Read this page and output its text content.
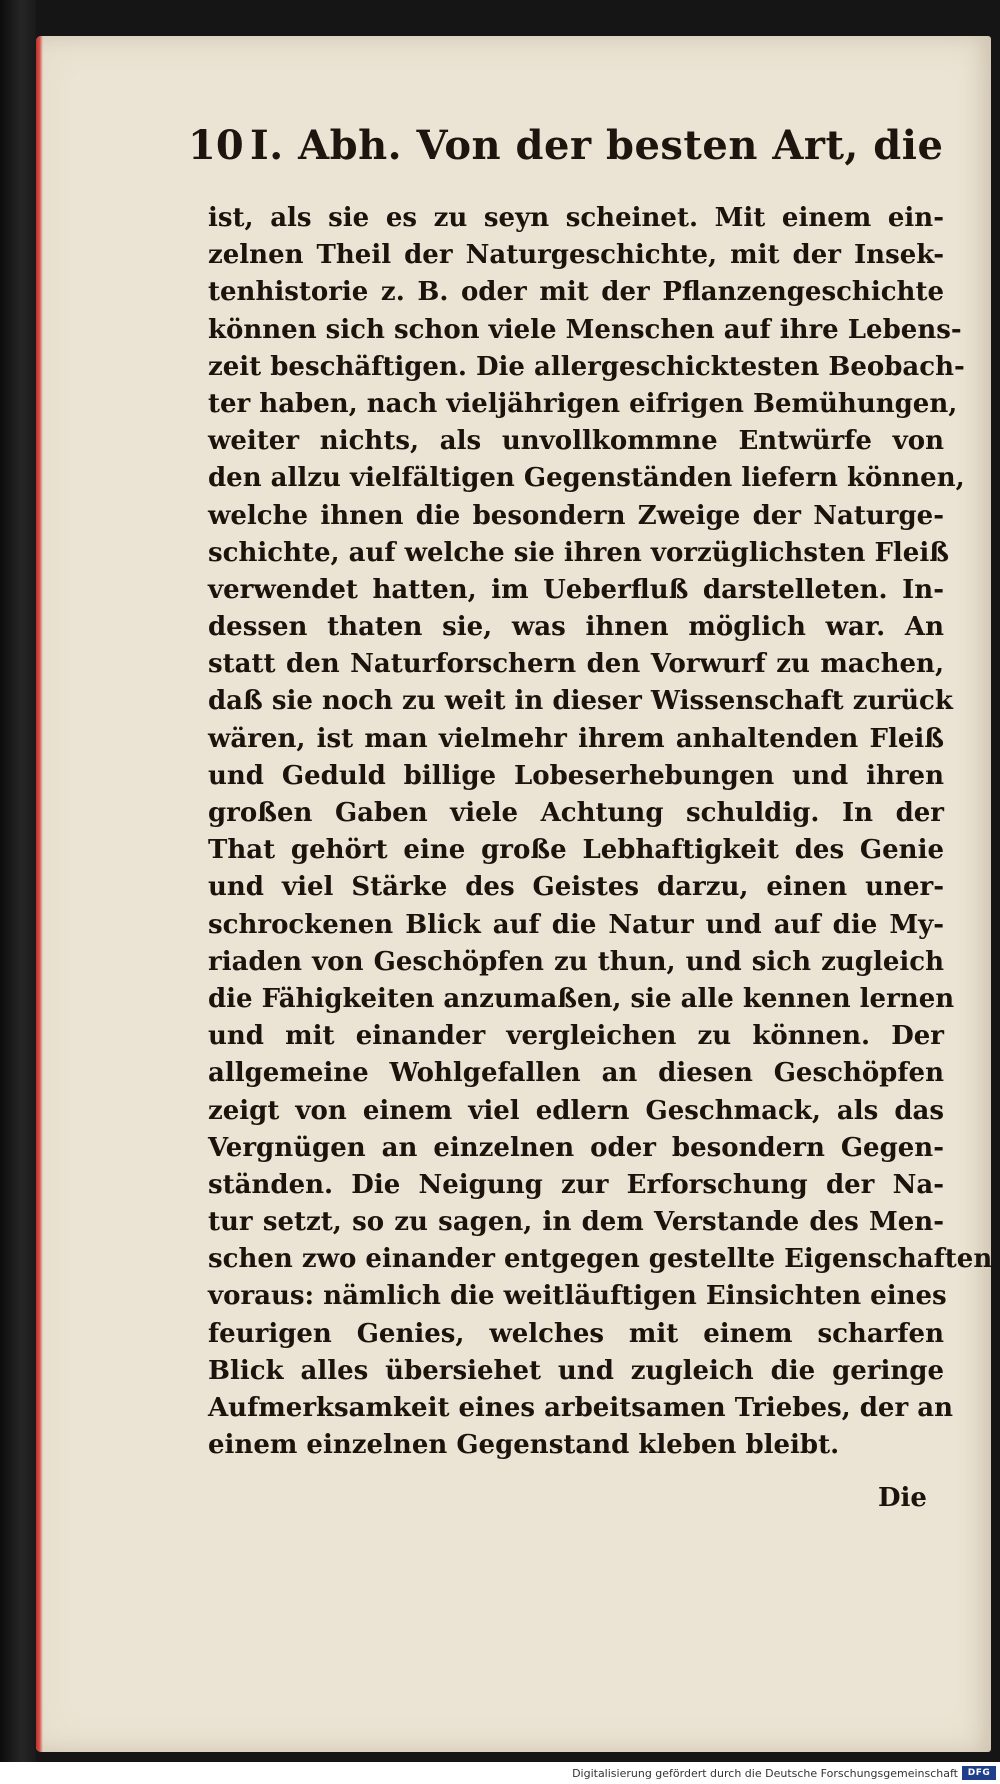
10 I. Abh. Von der besten Art, die
ist, als sie es zu seyn scheinet. Mit einem ein-
zelnen Theil der Naturgeschichte, mit der Insek-
tenhistorie z. B. oder mit der Pflanzengeschichte
können sich schon viele Menschen auf ihre Lebens-
zeit beschäftigen. Die allergeschicktesten Beobach-
ter haben, nach vieljährigen eifrigen Bemühungen,
weiter nichts, als unvollkommne Entwürfe von
den allzu vielfältigen Gegenständen liefern können,
welche ihnen die besondern Zweige der Naturge-
schichte, auf welche sie ihren vorzüglichsten Fleiß
verwendet hatten, im Ueberfluß darstelleten. In-
dessen thaten sie, was ihnen möglich war. An
statt den Naturforschern den Vorwurf zu machen,
daß sie noch zu weit in dieser Wissenschaft zurück
wären, ist man vielmehr ihrem anhaltenden Fleiß
und Geduld billige Lobeserhebungen und ihren
großen Gaben viele Achtung schuldig. In der
That gehört eine große Lebhaftigkeit des Genie
und viel Stärke des Geistes darzu, einen uner-
schrockenen Blick auf die Natur und auf die My-
riaden von Geschöpfen zu thun, und sich zugleich
die Fähigkeiten anzumaßen, sie alle kennen lernen
und mit einander vergleichen zu können. Der
allgemeine Wohlgefallen an diesen Geschöpfen
zeigt von einem viel edlern Geschmack, als das
Vergnügen an einzelnen oder besondern Gegen-
ständen. Die Neigung zur Erforschung der Na-
tur setzt, so zu sagen, in dem Verstande des Men-
schen zwo einander entgegen gestellte Eigenschaften
voraus: nämlich die weitläuftigen Einsichten eines
feurigen Genies, welches mit einem scharfen
Blick alles übersiehet und zugleich die geringe
Aufmerksamkeit eines arbeitsamen Triebes, der an
einem einzelnen Gegenstand kleben bleibt.
Die
Digitalisierung gefördert durch die Deutsche Forschungsgemeinschaft	DFG
